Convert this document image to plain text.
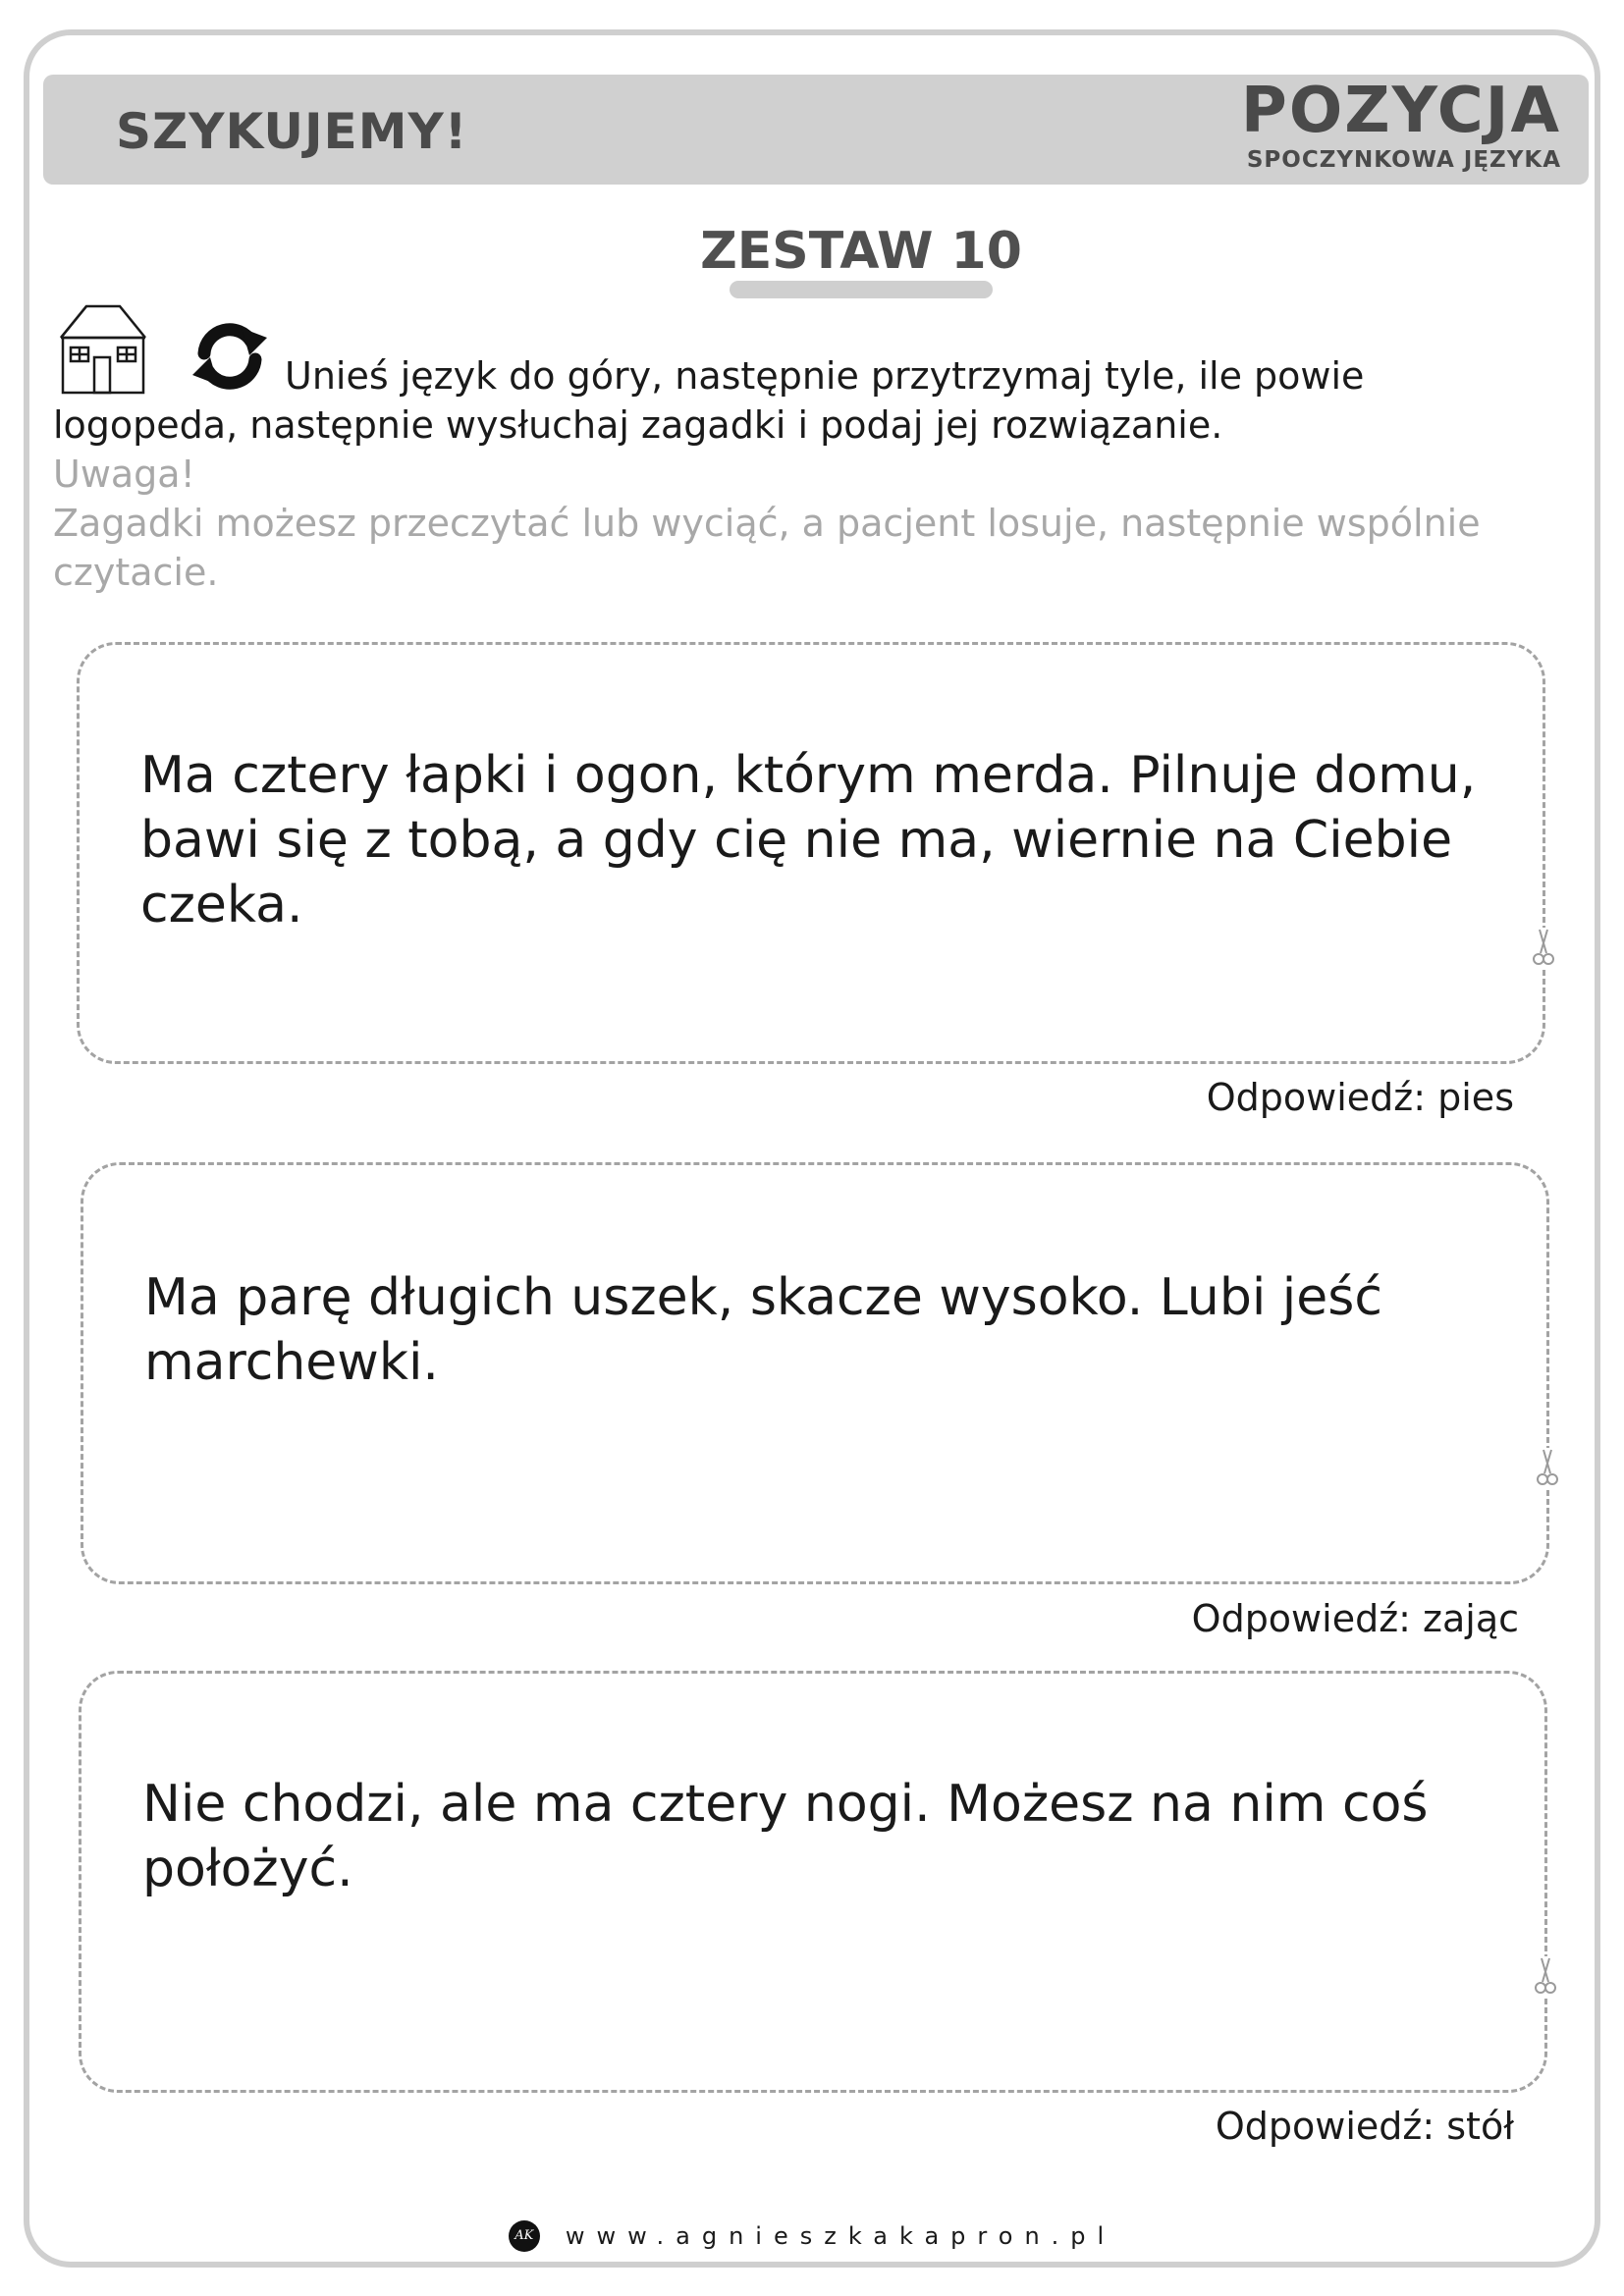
SZYKUJEMY!	POZYCJA
SPOCZYNKOWA JĘZYKA
ZESTAW 10
Unieś język do góry, następnie przytrzymaj tyle, ile powie
logopeda, następnie wysłuchaj zagadki i podaj jej rozwiązanie.
Uwaga!
Zagadki możesz przeczytać lub wyciąć, a pacjent losuje, następnie wspólnie czytacie.
Ma cztery łapki i ogon, którym merda. Pilnuje domu, bawi się z tobą, a gdy cię nie ma, wiernie na Ciebie czeka.
Odpowiedź: pies
Ma parę długich uszek, skacze wysoko. Lubi jeść marchewki.
Odpowiedź: zając
Nie chodzi, ale ma cztery nogi. Możesz na nim coś położyć.
Odpowiedź: stół
AK www.agnieszkakapron.pl
